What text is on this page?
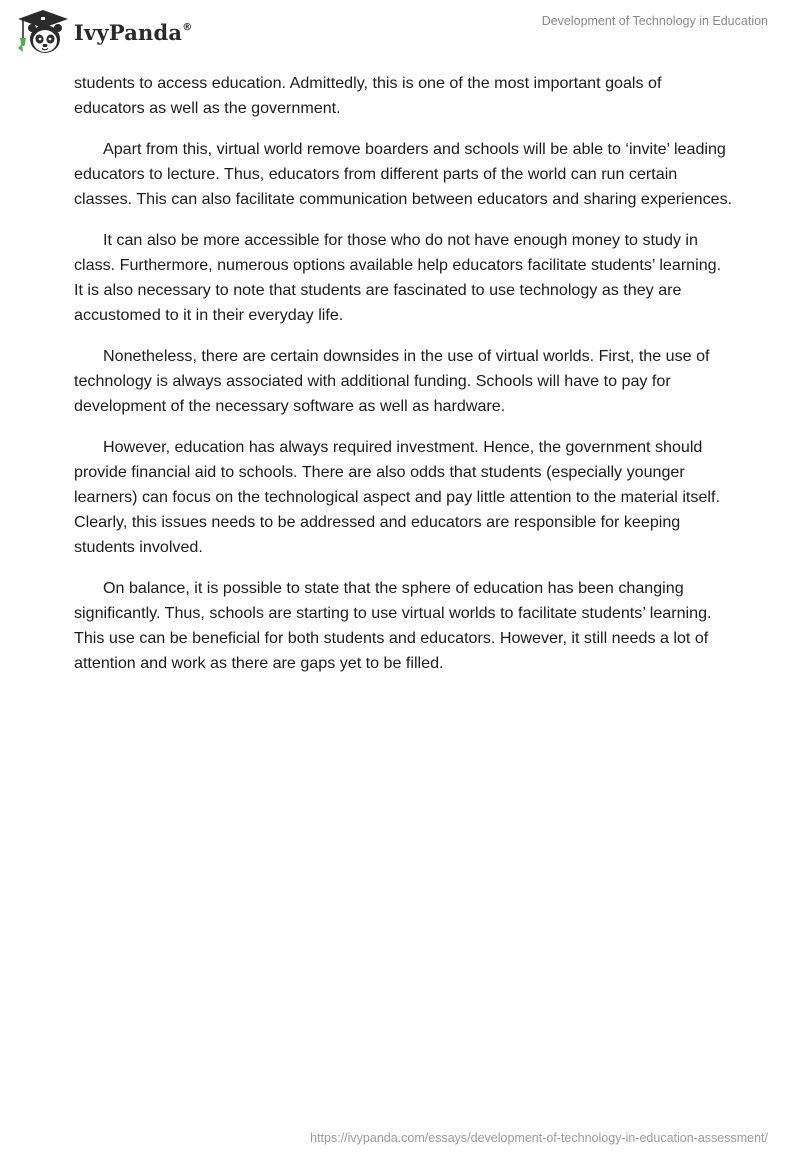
IvyPanda®	Development of Technology in Education

students to access education. Admittedly, this is one of the most important goals of educators as well as the government.

Apart from this, virtual world remove boarders and schools will be able to ‘invite’ leading educators to lecture. Thus, educators from different parts of the world can run certain classes. This can also facilitate communication between educators and sharing experiences.

It can also be more accessible for those who do not have enough money to study in class. Furthermore, numerous options available help educators facilitate students’ learning. It is also necessary to note that students are fascinated to use technology as they are accustomed to it in their everyday life.

Nonetheless, there are certain downsides in the use of virtual worlds. First, the use of technology is always associated with additional funding. Schools will have to pay for development of the necessary software as well as hardware.

However, education has always required investment. Hence, the government should provide financial aid to schools. There are also odds that students (especially younger learners) can focus on the technological aspect and pay little attention to the material itself. Clearly, this issues needs to be addressed and educators are responsible for keeping students involved.

On balance, it is possible to state that the sphere of education has been changing significantly. Thus, schools are starting to use virtual worlds to facilitate students’ learning. This use can be beneficial for both students and educators. However, it still needs a lot of attention and work as there are gaps yet to be filled.

https://ivypanda.com/essays/development-of-technology-in-education-assessment/
